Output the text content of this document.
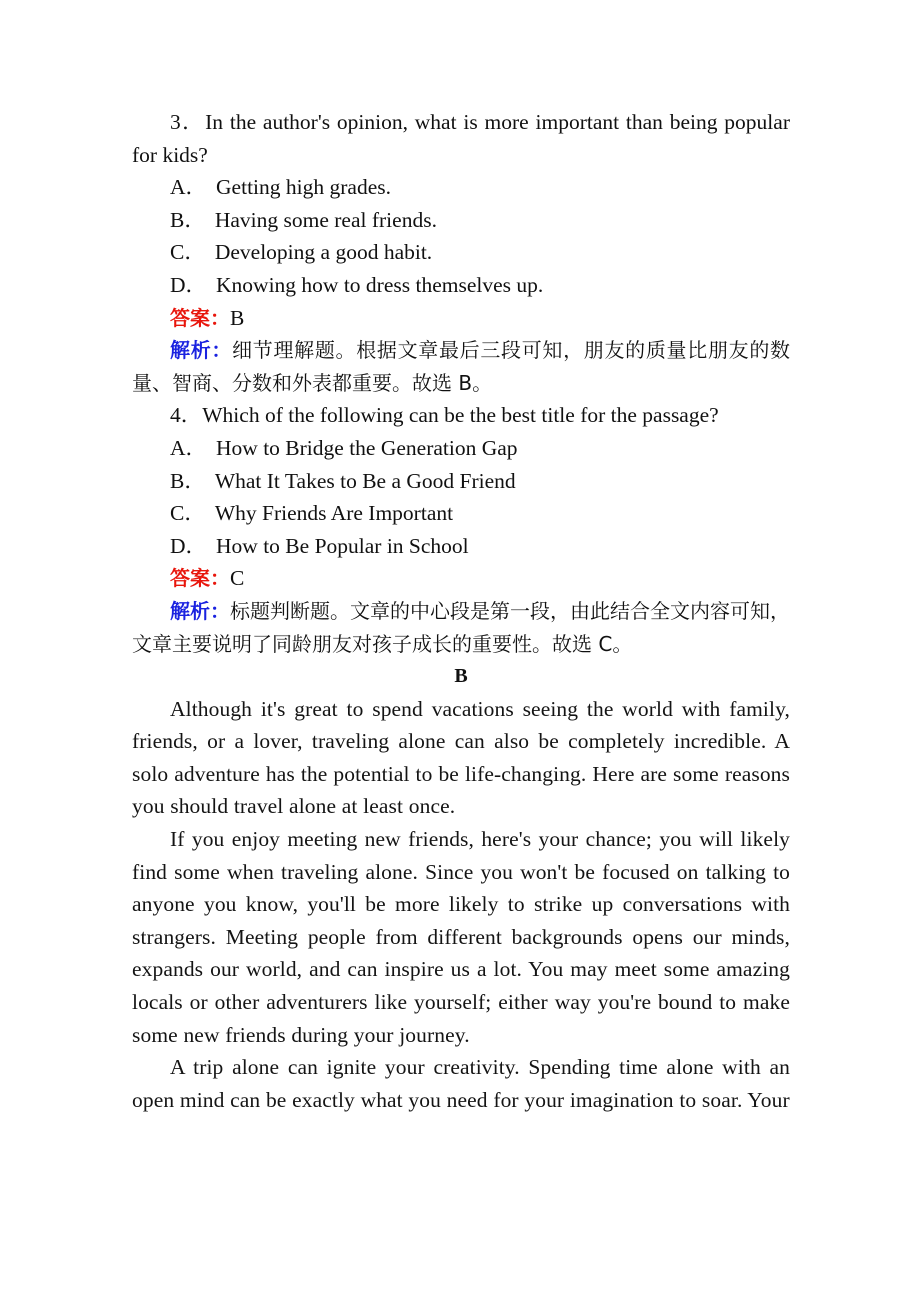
3．In the author's opinion, what is more important than being popular for kids?

A． Getting high grades.

B． Having some real friends.

C． Developing a good habit.

D． Knowing how to dress themselves up.

答案：B

解析：细节理解题。根据文章最后三段可知，朋友的质量比朋友的数量、智商、分数和外表都重要。故选 B。

4．Which of the following can be the best title for the passage?

A． How to Bridge the Generation Gap

B． What It Takes to Be a Good Friend

C． Why Friends Are Important

D． How to Be Popular in School

答案：C

解析：标题判断题。文章的中心段是第一段，由此结合全文内容可知，文章主要说明了同龄朋友对孩子成长的重要性。故选 C。

B

Although it's great to spend vacations seeing the world with family, friends, or a lover, traveling alone can also be completely incredible. A solo adventure has the potential to be life-changing. Here are some reasons you should travel alone at least once.

If you enjoy meeting new friends, here's your chance; you will likely find some when traveling alone. Since you won't be focused on talking to anyone you know, you'll be more likely to strike up conversations with strangers. Meeting people from different backgrounds opens our minds, expands our world, and can inspire us a lot. You may meet some amazing locals or other adventurers like yourself; either way you're bound to make some new friends during your journey.

A trip alone can ignite your creativity. Spending time alone with an open mind can be exactly what you need for your imagination to soar. Your
